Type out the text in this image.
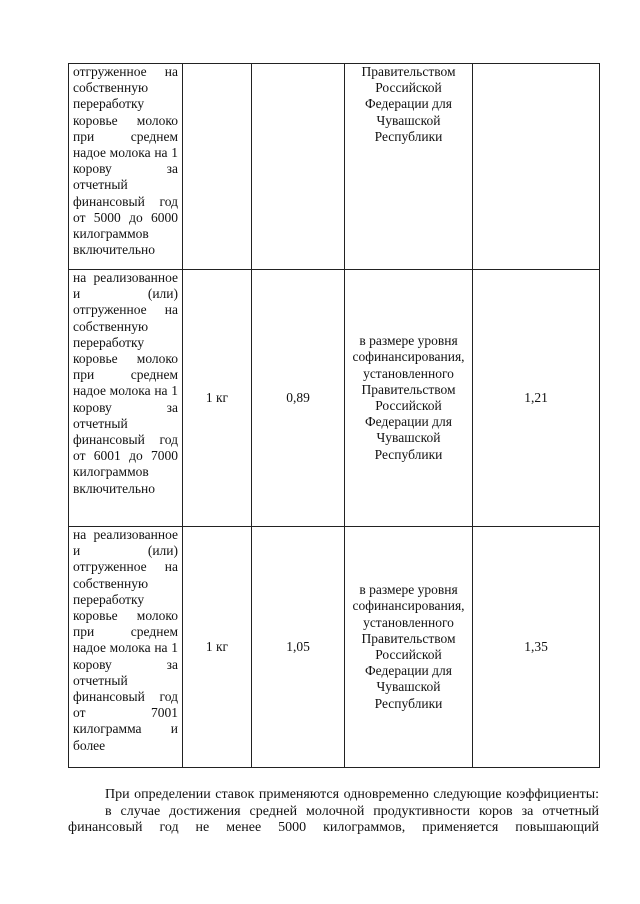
отгруженное на собственную переработку коровье молоко при среднем надое молока на 1 корову за отчетный финансовый год от 5000 до 6000 килограммов включительно			Правительством Российской Федерации для Чувашской Республики	
на реализованное и (или) отгруженное на собственную переработку коровье молоко при среднем надое молока на 1 корову за отчетный финансовый год от 6001 до 7000 килограммов включительно	1 кг	0,89	в размере уровня софинансирования, установленного Правительством Российской Федерации для Чувашской Республики	1,21
на реализованное и (или) отгруженное на собственную переработку коровье молоко при среднем надое молока на 1 корову за отчетный финансовый год от 7001 килограмма и более	1 кг	1,05	в размере уровня софинансирования, установленного Правительством Российской Федерации для Чувашской Республики	1,35
При определении ставок применяются одновременно следующие коэффициенты:
в случае достижения средней молочной продуктивности коров за отчетный
финансовый год не менее 5000 килограммов, применяется повышающий
